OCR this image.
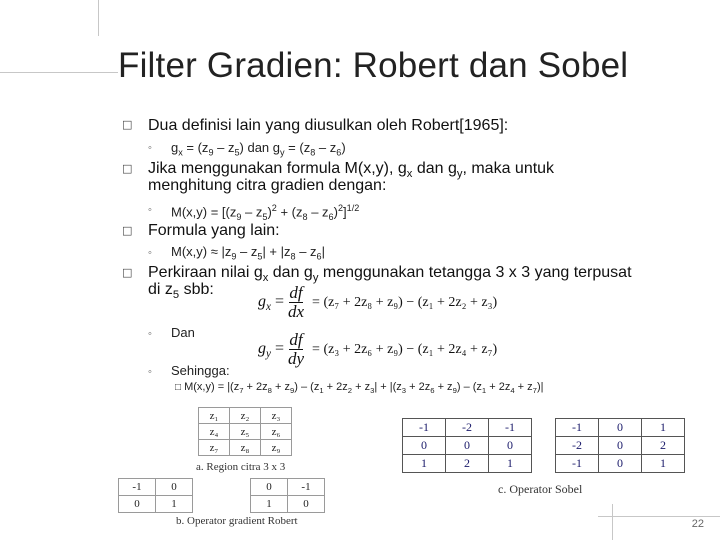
Filter Gradien: Robert dan Sobel
□ Dua definisi lain yang diusulkan oleh Robert[1965]:
◦ $g_x = (z_9 - z_5)$ dan $g_y = (z_8 - z_6)$
□ Jika menggunakan formula M(x,y), $g_x$ dan $g_y$, maka untuk
menghitung citra gradien dengan:
◦ $M(x,y) = [(z_9 - z_5)^2 + (z_8 - z_6)^2]^{1/2}$
□ Formula yang lain:
◦ $M(x,y) \approx |z_9 - z_5| + |z_8 - z_6|$
□ Perkiraan nilai $g_x$ dan $g_y$ menggunakan tetangga 3 x 3 yang terpusat
di $z_5$ sbb:
$g_x = \frac{df}{dx} = (z_7 + 2z_8 + z_9) - (z_1 + 2z_2 + z_3)$
◦ Dan
$g_y = \frac{df}{dy} = (z_3 + 2z_6 + z_9) - (z_1 + 2z_4 + z_7)$
◦ Sehingga:
□ $M(x,y) = |(z_7 + 2z_8 + z_9) - (z_1 + 2z_2 + z_3| + |(z_3 + 2z_6 + z_9) - (z_1 + 2z_4 + z_7)|$
z₁	z₂	z₃
z₄	z₅	z₆
z₇	z₈	z₉
a. Region citra 3 x 3
-1	0
0	1
0	-1
1	0
b. Operator gradient Robert
-1	-2	-1
0	0	0
1	2	1
-1	0	1
-2	0	2
-1	0	1
c. Operator Sobel
22
